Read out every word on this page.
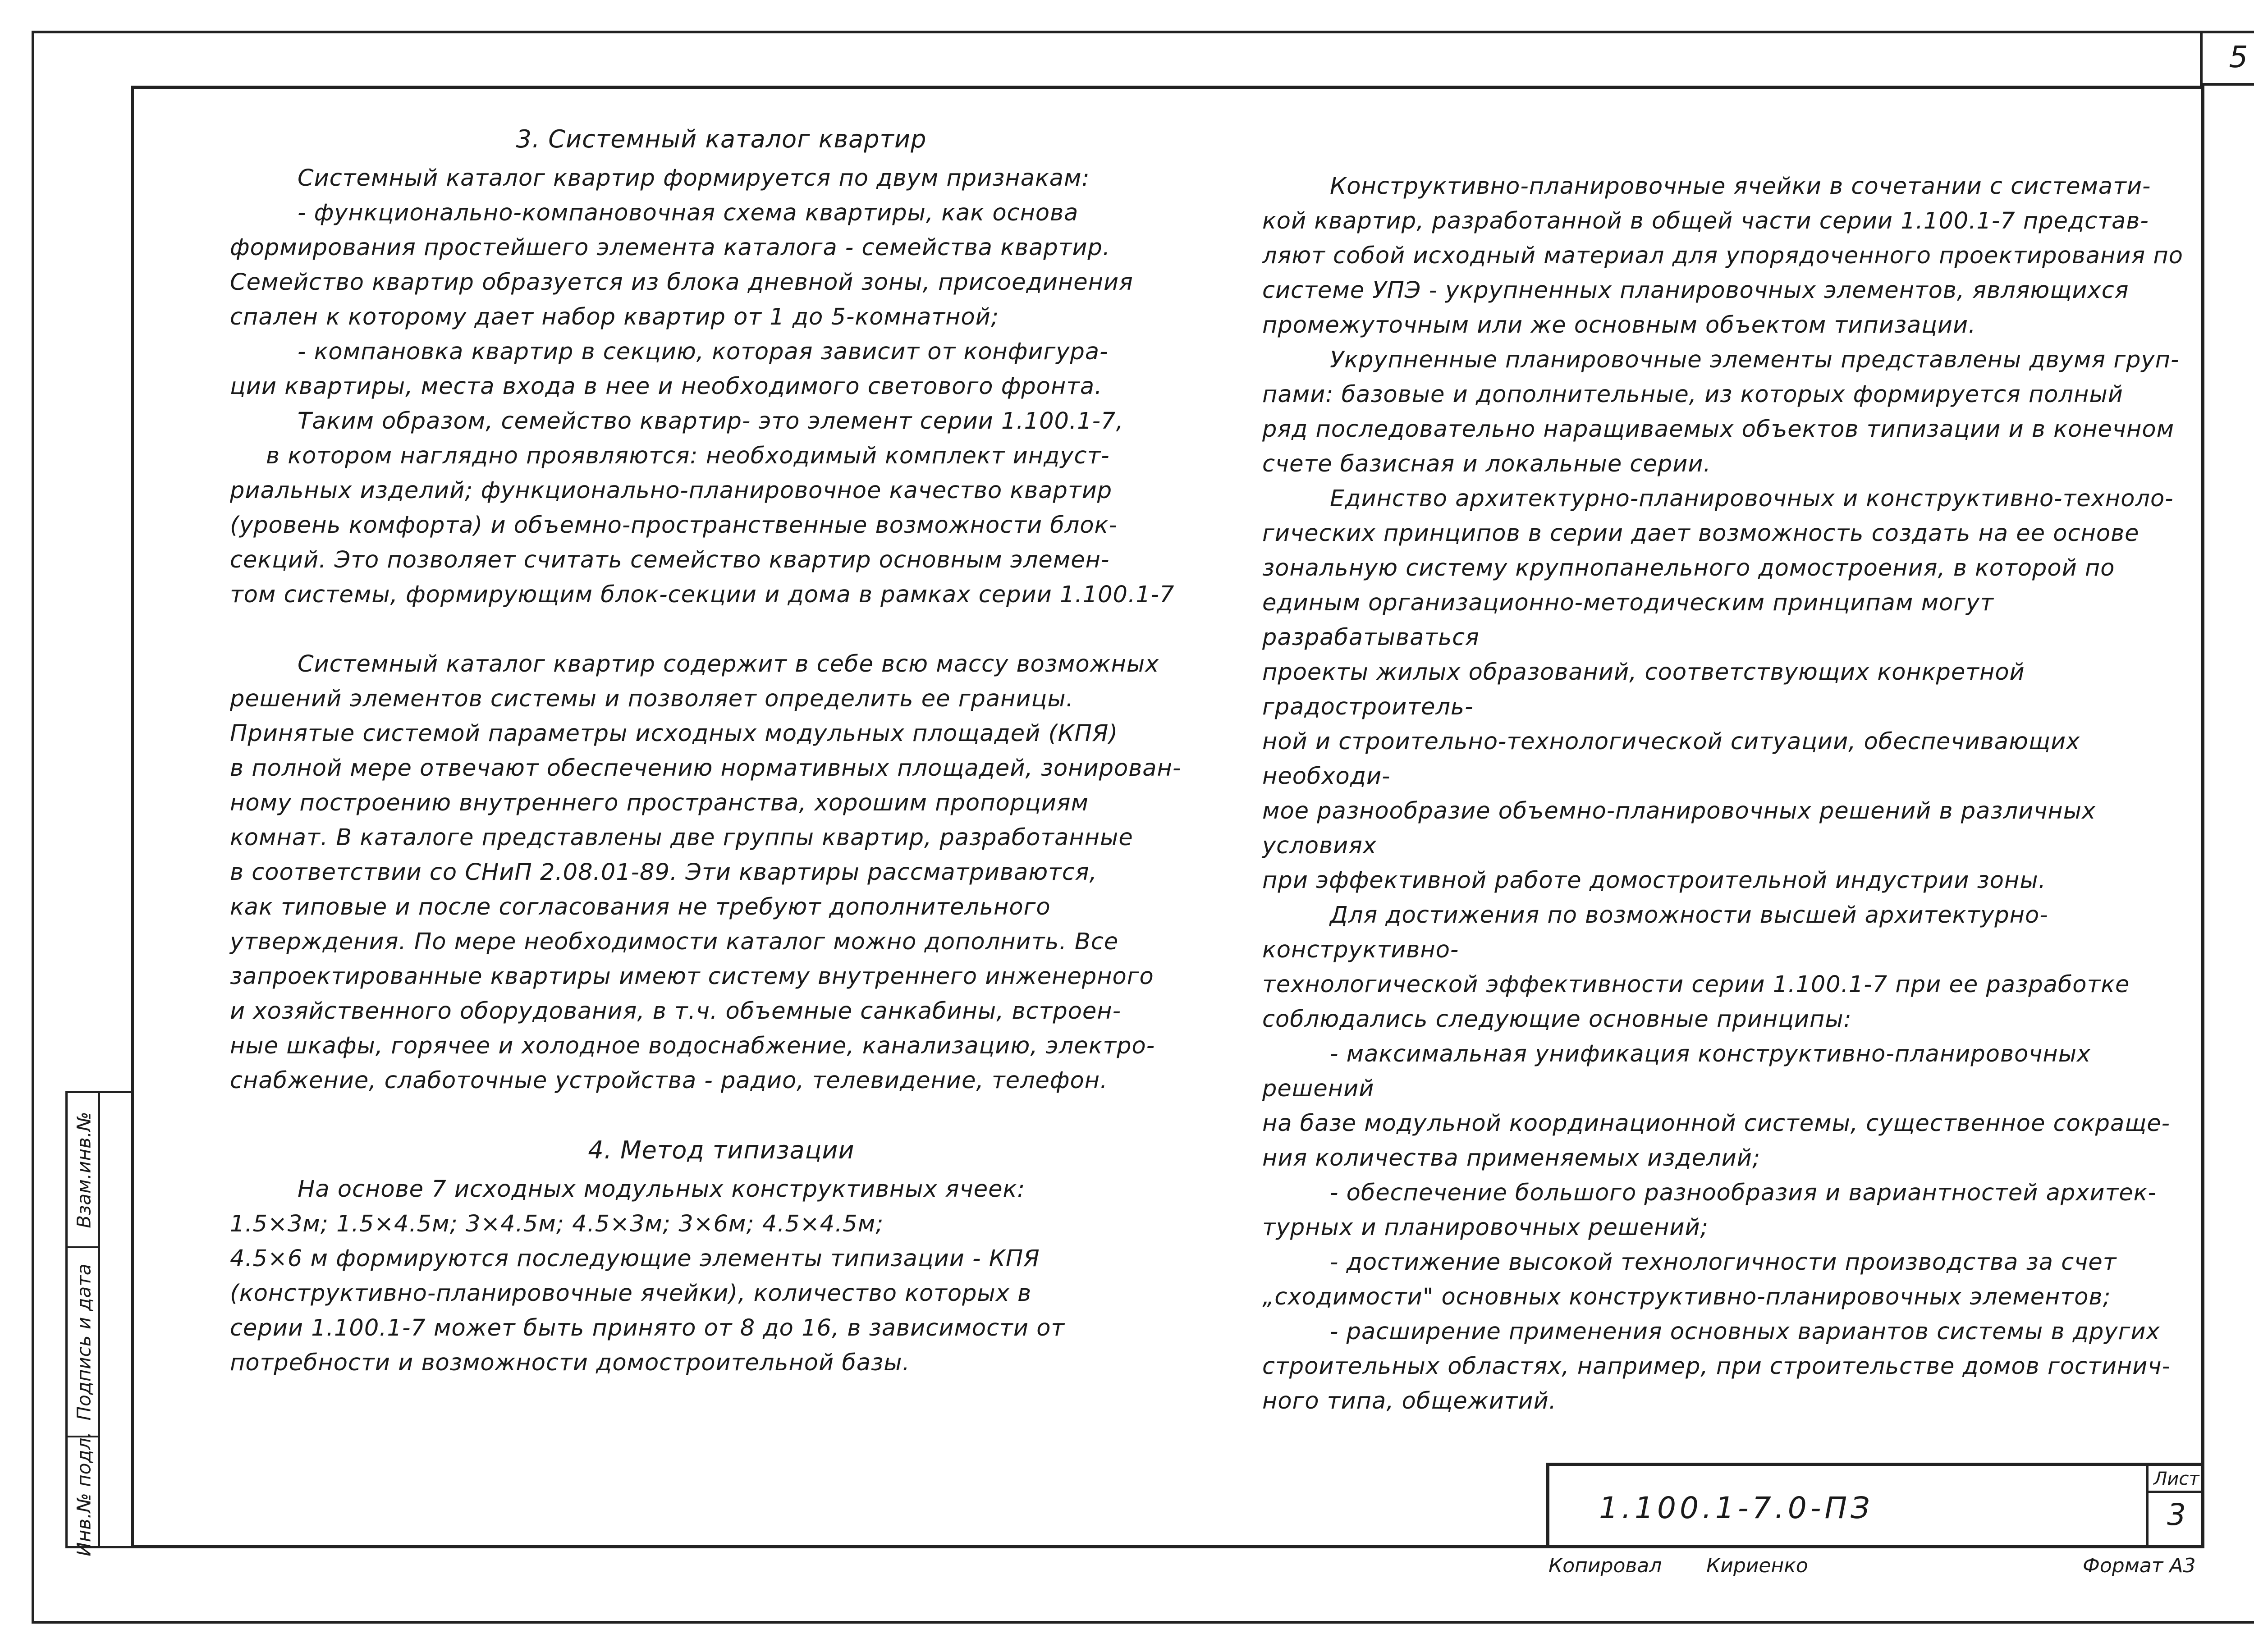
5
Взам.инв.№
Подпись и дата
Инв.№ подл.

3. Системный каталог квартир

Системный каталог квартир формируется по двум признакам:

- функционально-компановочная схема квартиры, как основа

формирования простейшего элемента каталога - семейства квартир.

Семейство квартир образуется из блока дневной зоны, присоединения

спален к которому дает набор квартир от 1 до 5-комнатной;

- компановка квартир в секцию, которая зависит от конфигура-

ции квартиры, места входа в нее и необходимого светового фронта.

Таким образом, семейство квартир- это элемент серии 1.100.1-7,

в котором наглядно проявляются: необходимый комплект индуст-

риальных изделий; функционально-планировочное качество квартир

(уровень комфорта) и объемно-пространственные возможности блок-

секций. Это позволяет считать семейство квартир основным элемен-

том системы, формирующим блок-секции и дома в рамках серии 1.100.1-7

Системный каталог квартир содержит в себе всю массу возможных

решений элементов системы и позволяет определить ее границы.

Принятые системой параметры исходных модульных площадей (КПЯ)

в полной мере отвечают обеспечению нормативных площадей, зонирован-

ному построению внутреннего пространства, хорошим пропорциям

комнат. В каталоге представлены две группы квартир, разработанные

в соответствии со СНиП 2.08.01-89. Эти квартиры рассматриваются,

как типовые и после согласования не требуют дополнительного

утверждения. По мере необходимости каталог можно дополнить. Все

запроектированные квартиры имеют систему внутреннего инженерного

и хозяйственного оборудования, в т.ч. объемные санкабины, встроен-

ные шкафы, горячее и холодное водоснабжение, канализацию, электро-

снабжение, слаботочные устройства - радио, телевидение, телефон.

4. Метод типизации

На основе 7 исходных модульных конструктивных ячеек:

1.5×3м; 1.5×4.5м; 3×4.5м; 4.5×3м; 3×6м; 4.5×4.5м;

4.5×6 м формируются последующие элементы типизации - КПЯ

(конструктивно-планировочные ячейки), количество которых в

серии 1.100.1-7 может быть принято от 8 до 16, в зависимости от

потребности и возможности домостроительной базы.

Конструктивно-планировочные ячейки в сочетании с системати-

кой квартир, разработанной в общей части серии 1.100.1-7 представ-

ляют собой исходный материал для упорядоченного проектирования по

системе УПЭ - укрупненных планировочных элементов, являющихся

промежуточным или же основным объектом типизации.

Укрупненные планировочные элементы представлены двумя груп-

пами: базовые и дополнительные, из которых формируется полный

ряд последовательно наращиваемых объектов типизации и в конечном

счете базисная и локальные серии.

Единство архитектурно-планировочных и конструктивно-техноло-

гических принципов в серии дает возможность создать на ее основе

зональную систему крупнопанельного домостроения, в которой по

единым организационно-методическим принципам могут разрабатываться

проекты жилых образований, соответствующих конкретной градостроитель-

ной и строительно-технологической ситуации, обеспечивающих необходи-

мое разнообразие объемно-планировочных решений в различных условиях

при эффективной работе домостроительной индустрии зоны.

Для достижения по возможности высшей архитектурно-конструктивно-

технологической эффективности серии 1.100.1-7 при ее разработке

соблюдались следующие основные принципы:

- максимальная унификация конструктивно-планировочных решений

на базе модульной координационной системы, существенное сокраще-

ния количества применяемых изделий;

- обеспечение большого разнообразия и вариантностей архитек-

турных и планировочных решений;

- достижение высокой технологичности производства за счет

„сходимости" основных конструктивно-планировочных элементов;

- расширение применения основных вариантов системы в других

строительных областях, например, при строительстве домов гостинич-

ного типа, общежитий.

1.100.1-7.0-ПЗ
Лист
3
Копировал Кириенко	Формат А3
